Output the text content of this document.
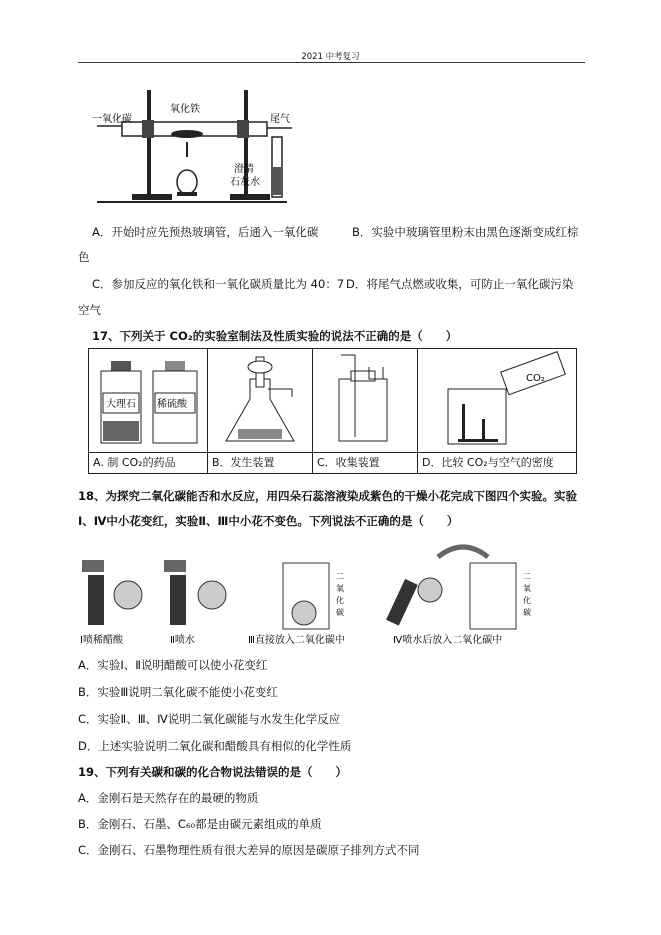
2021 中考复习
一氧化碳
氧化铁
尾气
澄清
石灰水
A．开始时应先预热玻璃管，后通入一氧化碳	B．实验中玻璃管里粉末由黑色逐渐变成红棕
色
C．参加反应的氧化铁和一氧化碳质量比为 40：7 D．将尾气点燃或收集，可防止一氧化碳污染
空气
17、下列关于 CO₂的实验室制法及性质实验的说法不正确的是（　　）
大理石 稀硫酸			CO₂

A. 制 CO₂的药品	B．发生装置	C．收集装置	D．比较 CO₂与空气的密度
18、为探究二氧化碳能否和水反应，用四朵石蕊溶液染成紫色的干燥小花完成下图四个实验。实验
Ⅰ、Ⅳ中小花变红，实验Ⅱ、Ⅲ中小花不变色。下列说法不正确的是（　　）
二
氧
化
碳
二
氧
化
碳
Ⅰ喷稀醋酸	Ⅱ喷水	Ⅲ直接放入二氧化碳中	Ⅳ喷水后放入二氧化碳中
A．实验Ⅰ、Ⅱ说明醋酸可以使小花变红
B．实验Ⅲ说明二氧化碳不能使小花变红
C．实验Ⅱ、Ⅲ、Ⅳ说明二氧化碳能与水发生化学反应
D．上述实验说明二氧化碳和醋酸具有相似的化学性质
19、下列有关碳和碳的化合物说法错误的是（　　）
A．金刚石是天然存在的最硬的物质
B．金刚石、石墨、C₆₀都是由碳元素组成的单质
C．金刚石、石墨物理性质有很大差异的原因是碳原子排列方式不同
